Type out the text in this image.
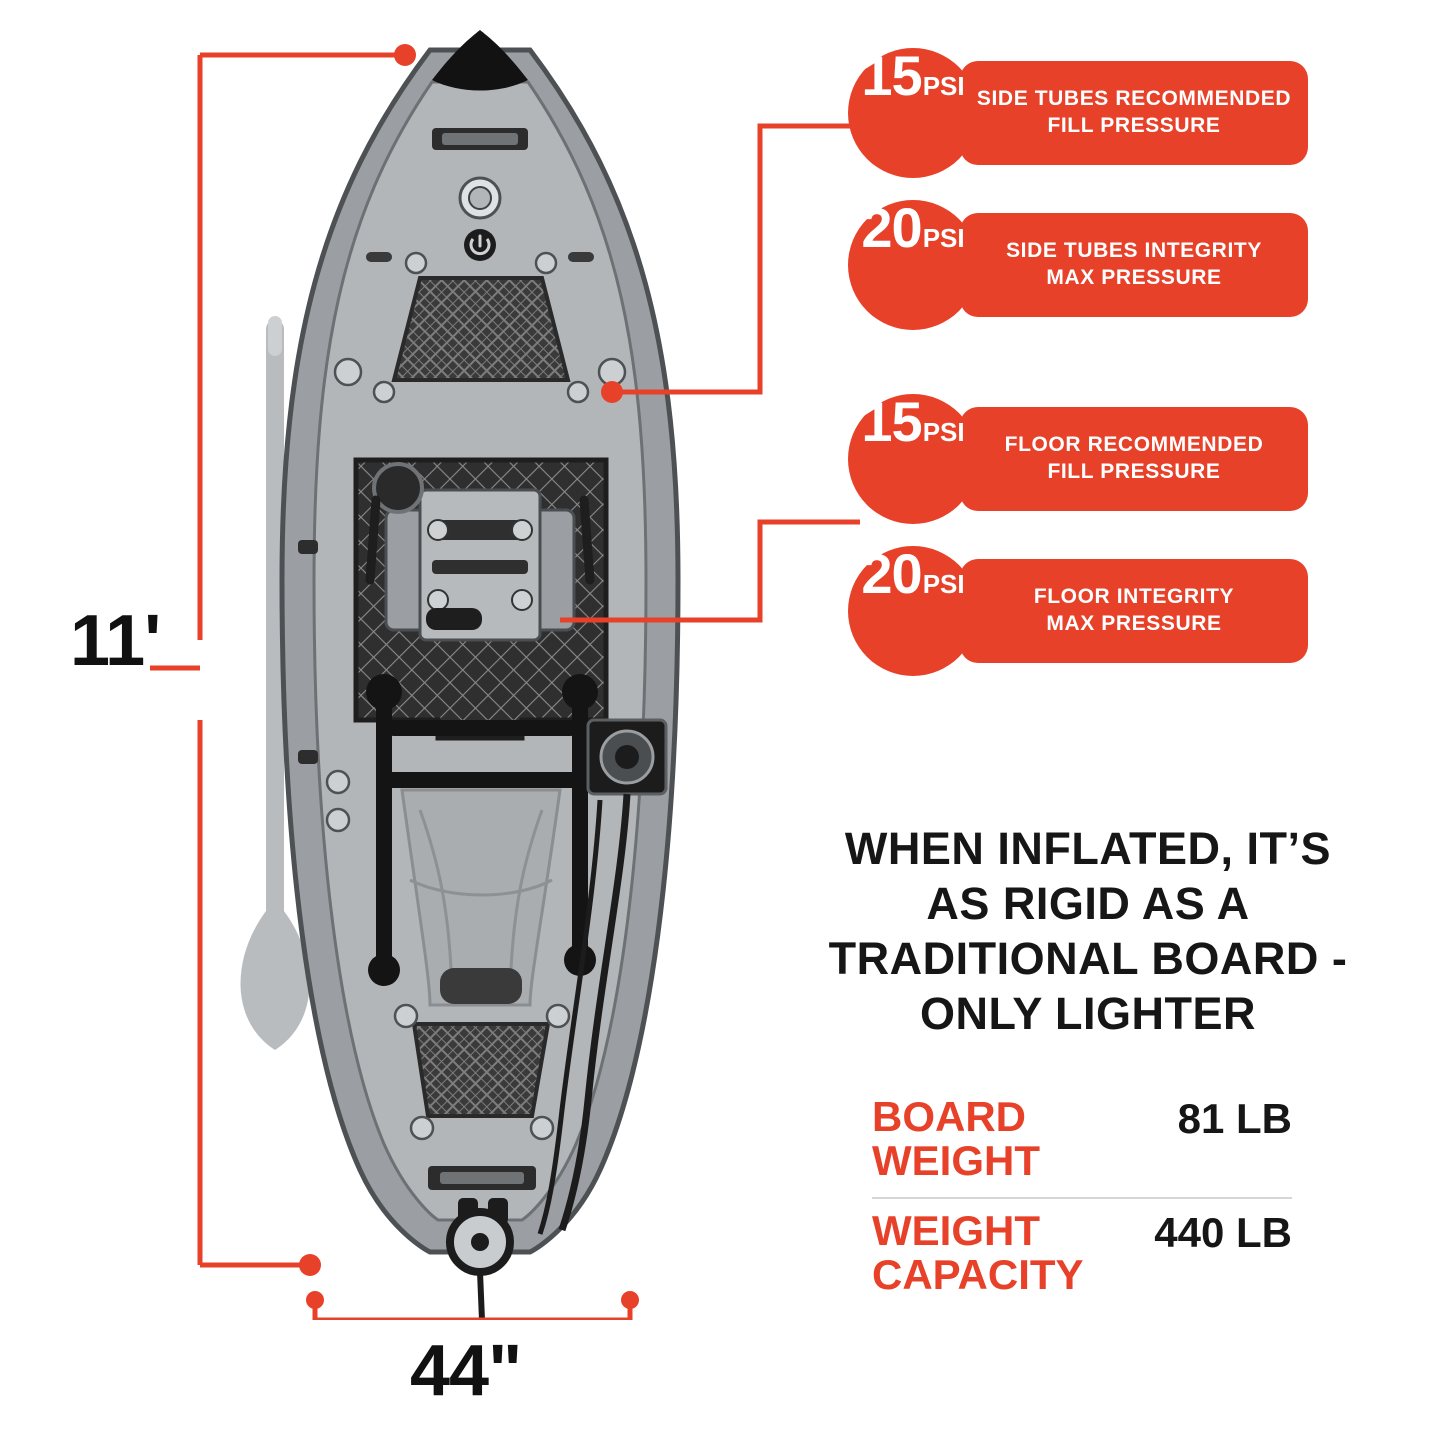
11'
44"
SIDE TUBES RECOMMENDED
FILL PRESSURE
15 PSI
SIDE TUBES INTEGRITY
MAX PRESSURE
20 PSI
FLOOR RECOMMENDED
FILL PRESSURE
15 PSI
FLOOR INTEGRITY
MAX PRESSURE
20 PSI
WHEN INFLATED, IT’S AS RIGID AS A TRADITIONAL BOARD - ONLY LIGHTER
BOARD
WEIGHT
81 LB
WEIGHT
CAPACITY
440 LB
